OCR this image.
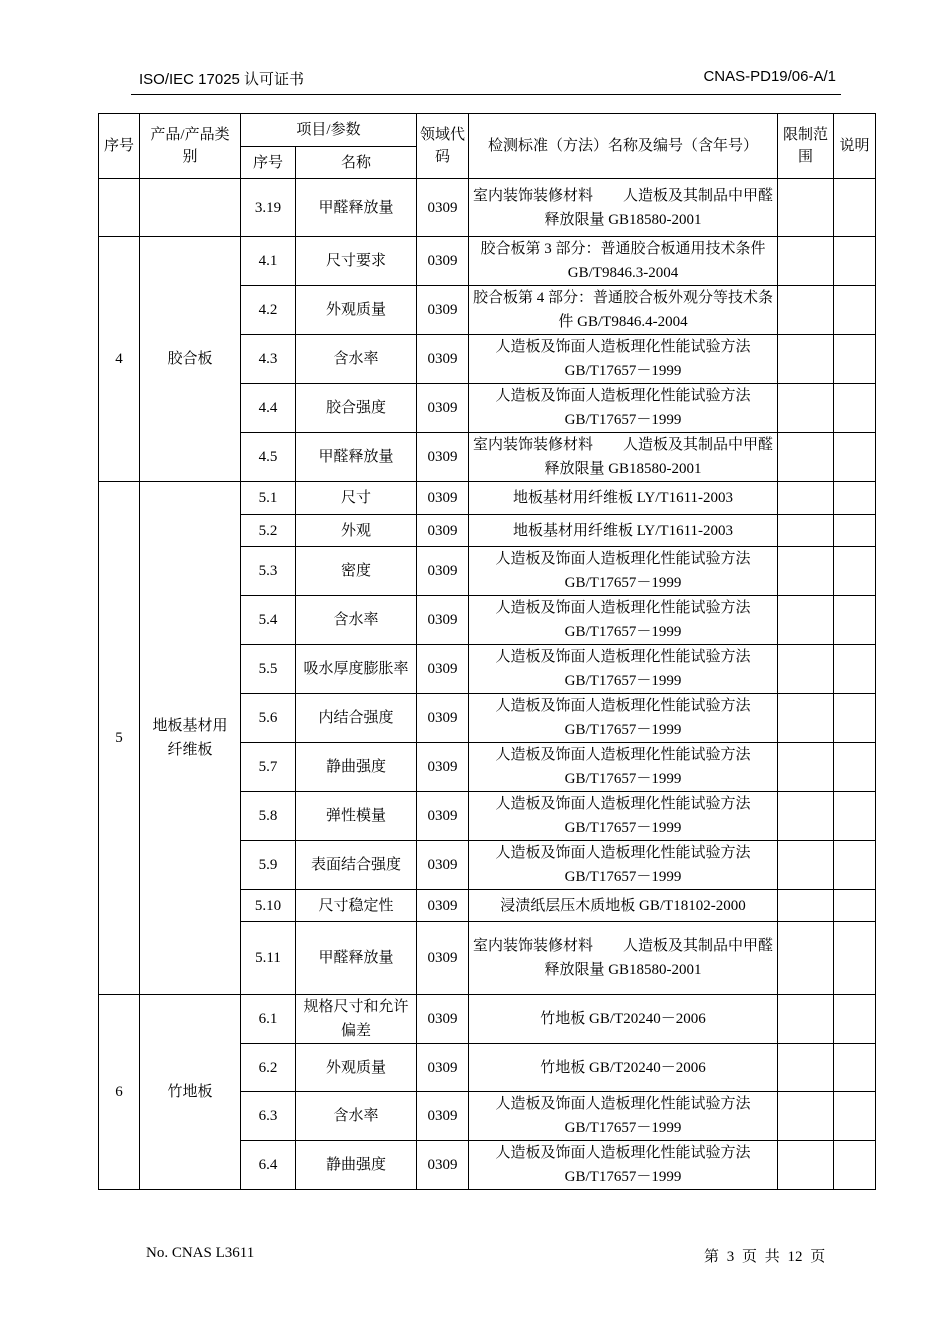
ISO/IEC 17025 认可证书	CNAS-PD19/06-A/1
序号	产品/产品类别	项目/参数		领域代码	检测标准（方法）名称及编号（含年号）	限制范围	说明
		序号	名称				
		3.19	甲醛释放量	0309	室内装饰装修材料　　人造板及其制品中甲醛释放限量 GB18580-2001		
4	胶合板	4.1	尺寸要求	0309	胶合板第 3 部分：普通胶合板通用技术条件 GB/T9846.3-2004		
		4.2	外观质量	0309	胶合板第 4 部分：普通胶合板外观分等技术条件 GB/T9846.4-2004		
		4.3	含水率	0309	人造板及饰面人造板理化性能试验方法 GB/T17657－1999		
		4.4	胶合强度	0309	人造板及饰面人造板理化性能试验方法 GB/T17657－1999		
		4.5	甲醛释放量	0309	室内装饰装修材料　　人造板及其制品中甲醛释放限量 GB18580-2001		
5	地板基材用纤维板	5.1	尺寸	0309	地板基材用纤维板 LY/T1611-2003		
		5.2	外观	0309	地板基材用纤维板 LY/T1611-2003		
		5.3	密度	0309	人造板及饰面人造板理化性能试验方法 GB/T17657－1999		
		5.4	含水率	0309	人造板及饰面人造板理化性能试验方法 GB/T17657－1999		
		5.5	吸水厚度膨胀率	0309	人造板及饰面人造板理化性能试验方法 GB/T17657－1999		
		5.6	内结合强度	0309	人造板及饰面人造板理化性能试验方法 GB/T17657－1999		
		5.7	静曲强度	0309	人造板及饰面人造板理化性能试验方法 GB/T17657－1999		
		5.8	弹性模量	0309	人造板及饰面人造板理化性能试验方法 GB/T17657－1999		
		5.9	表面结合强度	0309	人造板及饰面人造板理化性能试验方法 GB/T17657－1999		
		5.10	尺寸稳定性	0309	浸渍纸层压木质地板 GB/T18102-2000		
		5.11	甲醛释放量	0309	室内装饰装修材料　　人造板及其制品中甲醛释放限量 GB18580-2001		
6	竹地板	6.1	规格尺寸和允许偏差	0309	竹地板 GB/T20240－2006		
		6.2	外观质量	0309	竹地板 GB/T20240－2006		
		6.3	含水率	0309	人造板及饰面人造板理化性能试验方法 GB/T17657－1999		
		6.4	静曲强度	0309	人造板及饰面人造板理化性能试验方法 GB/T17657－1999		
No. CNAS L3611	第 3 页 共 12 页
